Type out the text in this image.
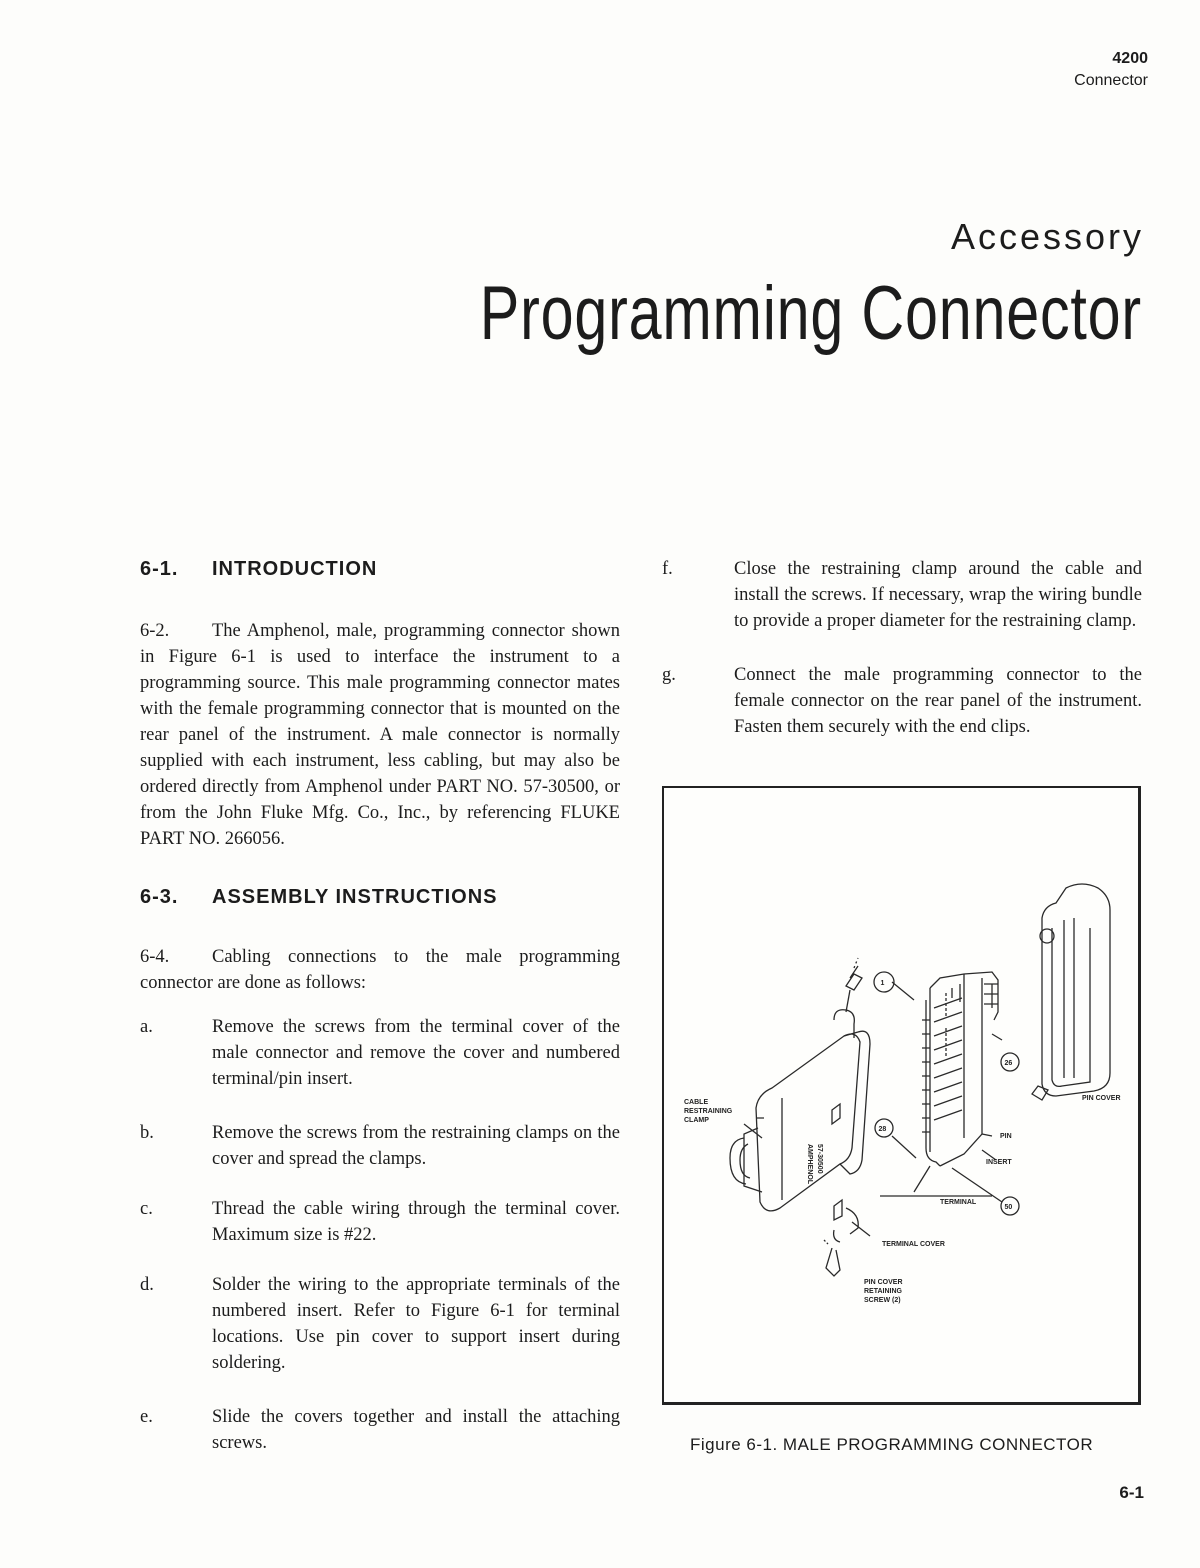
4200
Connector
Accessory
Programming Connector
6-1.	INTRODUCTION

6-2. The Amphenol, male, programming connector shown in Figure 6-1 is used to interface the instrument to a programming source. This male programming connector mates with the female programming connector that is mounted on the rear panel of the instrument. A male connector is normally supplied with each instrument, less cabling, but may also be ordered directly from Amphenol under PART NO. 57-30500, or from the John Fluke Mfg. Co., Inc., by referencing FLUKE PART NO. 266056.

6-3.	ASSEMBLY INSTRUCTIONS

6-4. Cabling connections to the male programming connector are done as follows:

a.	Remove the screws from the terminal cover of the male connector and remove the cover and numbered terminal/pin insert.
b.	Remove the screws from the restraining clamps on the cover and spread the clamps.
c.	Thread the cable wiring through the terminal cover. Maximum size is #22.
d.	Solder the wiring to the appropriate terminals of the numbered insert. Refer to Figure 6-1 for terminal locations. Use pin cover to support insert during soldering.
e.	Slide the covers together and install the attaching screws.
f.	Close the restraining clamp around the cable and install the screws. If necessary, wrap the wiring bundle to provide a proper diameter for the restraining clamp.
g.	Connect the male programming connector to the female connector on the rear panel of the instrument. Fasten them securely with the end clips.
1
26
28
50
CABLE
RESTRAINING
CLAMP
PIN COVER
PIN
INSERT
TERMINAL
TERMINAL COVER
PIN COVER
RETAINING
SCREW (2)
AMPHENOL 57-30500
Figure 6-1. MALE PROGRAMMING CONNECTOR
6-1
